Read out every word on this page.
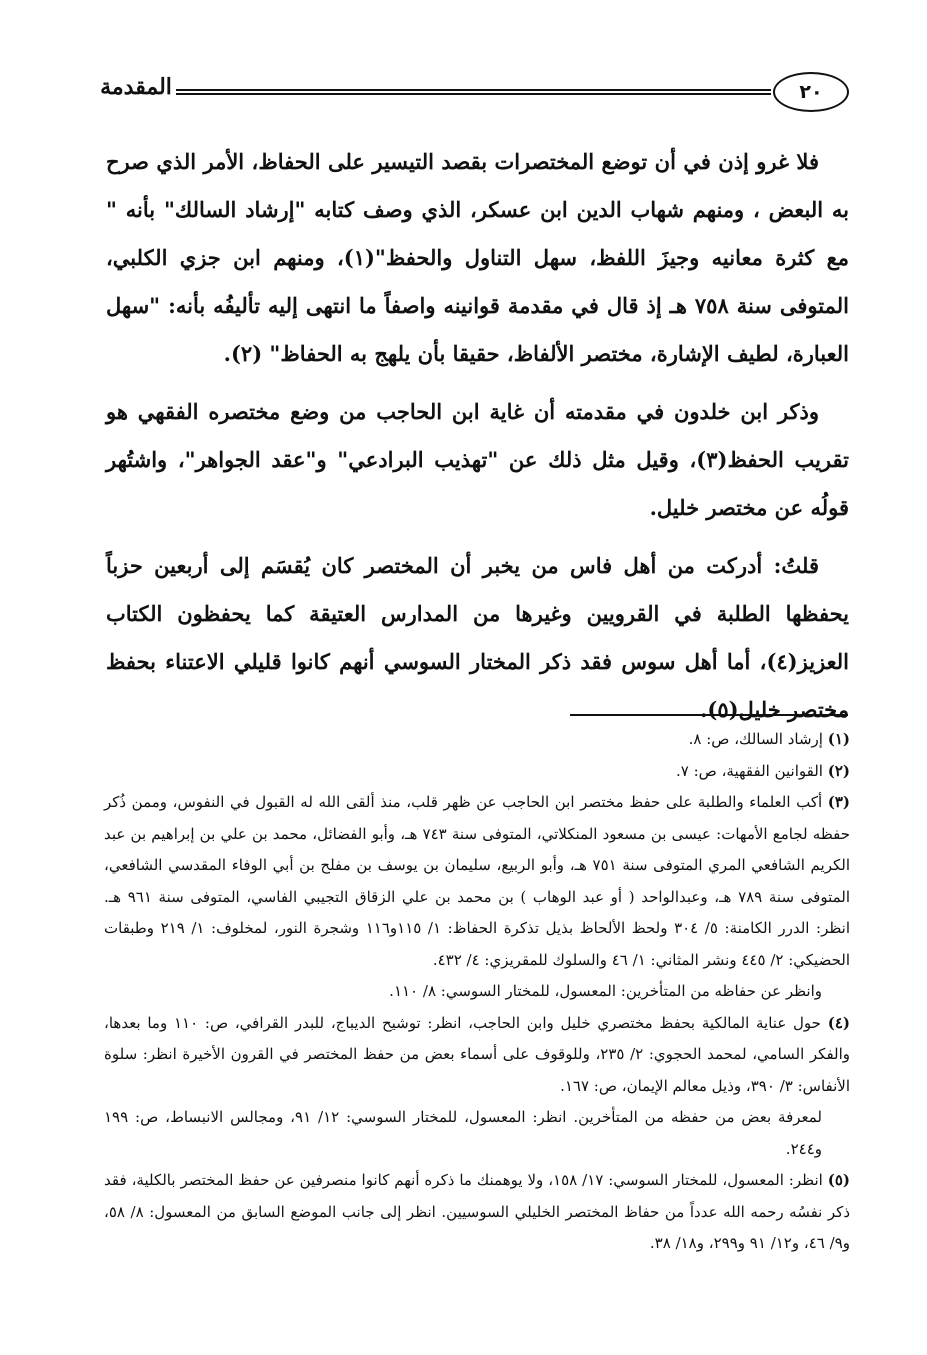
٢٠
المقدمة

فلا غرو إذن في أن توضع المختصرات بقصد التيسير على الحفاظ، الأمر الذي صرح به البعض ، ومنهم شهاب الدين ابن عسكر، الذي وصف كتابه "إرشاد السالك" بأنه " مع كثرة معانيه وجيزَ اللفظ، سهل التناول والحفظ"(١)، ومنهم ابن جزي الكلبي، المتوفى سنة ٧٥٨ هـ إذ قال في مقدمة قوانينه واصفاً ما انتهى إليه تأليفُه بأنه: "سهل العبارة، لطيف الإشارة، مختصر الألفاظ، حقيقا بأن يلهج به الحفاظ" (٢).

وذكر ابن خلدون في مقدمته أن غاية ابن الحاجب من وضع مختصره الفقهي هو تقريب الحفظ(٣)، وقيل مثل ذلك عن "تهذيب البرادعي" و"عقد الجواهر"، واشتُهر قولُه عن مختصر خليل.

قلتُ: أدركت من أهل فاس من يخبر أن المختصر كان يُقسَم إلى أربعين حزباً يحفظها الطلبة في القرويين وغيرها من المدارس العتيقة كما يحفظون الكتاب العزيز(٤)، أما أهل سوس فقد ذكر المختار السوسي أنهم كانوا قليلي الاعتناء بحفظ مختصر خليل(٥).

(١) إرشاد السالك، ص: ٨.

(٢) القوانين الفقهية، ص: ٧.

(٣) أكب العلماء والطلبة على حفظ مختصر ابن الحاجب عن ظهر قلب، منذ ألقى الله له القبول في النفوس، وممن ذُكر حفظه لجامع الأمهات: عيسى بن مسعود المنكلاتي، المتوفى سنة ٧٤٣ هـ، وأبو الفضائل، محمد بن علي بن إبراهيم بن عبد الكريم الشافعي المري المتوفى سنة ٧٥١ هـ، وأبو الربيع، سليمان بن يوسف بن مفلح بن أبي الوفاء المقدسي الشافعي، المتوفى سنة ٧٨٩ هـ، وعبدالواحد ( أو عبد الوهاب ) بن محمد بن علي الزقاق التجيبي الفاسي، المتوفى سنة ٩٦١ هـ. انظر: الدرر الكامنة: ٥/ ٣٠٤ ولحظ الألحاظ بذيل تذكرة الحفاظ: ١/ ١١٥و١١٦ وشجرة النور، لمخلوف: ١/ ٢١٩ وطبقات الحضيكي: ٢/ ٤٤٥ ونشر المثاني: ١/ ٤٦ والسلوك للمقريزي: ٤/ ٤٣٢.

وانظر عن حفاظه من المتأخرين: المعسول، للمختار السوسي: ٨/ ١١٠.

(٤) حول عناية المالكية بحفظ مختصري خليل وابن الحاجب، انظر: توشيح الديباج، للبدر القرافي، ص: ١١٠ وما بعدها، والفكر السامي، لمحمد الحجوي: ٢/ ٢٣٥، وللوقوف على أسماء بعض من حفظ المختصر في القرون الأخيرة انظر: سلوة الأنفاس: ٣/ ٣٩٠، وذيل معالم الإيمان، ص: ١٦٧.

لمعرفة بعض من حفظه من المتأخرين. انظر: المعسول، للمختار السوسي: ١٢/ ٩١، ومجالس الانبساط، ص: ١٩٩ و٢٤٤.

(٥) انظر: المعسول، للمختار السوسي: ١٧/ ١٥٨، ولا يوهمنك ما ذكره أنهم كانوا منصرفين عن حفظ المختصر بالكلية، فقد ذكر نفسُه رحمه الله عدداً من حفاظ المختصر الخليلي السوسيين. انظر إلى جانب الموضع السابق من المعسول: ٨/ ٥٨، و٩/ ٤٦، و١٢/ ٩١ و٢٩٩، و١٨/ ٣٨.
